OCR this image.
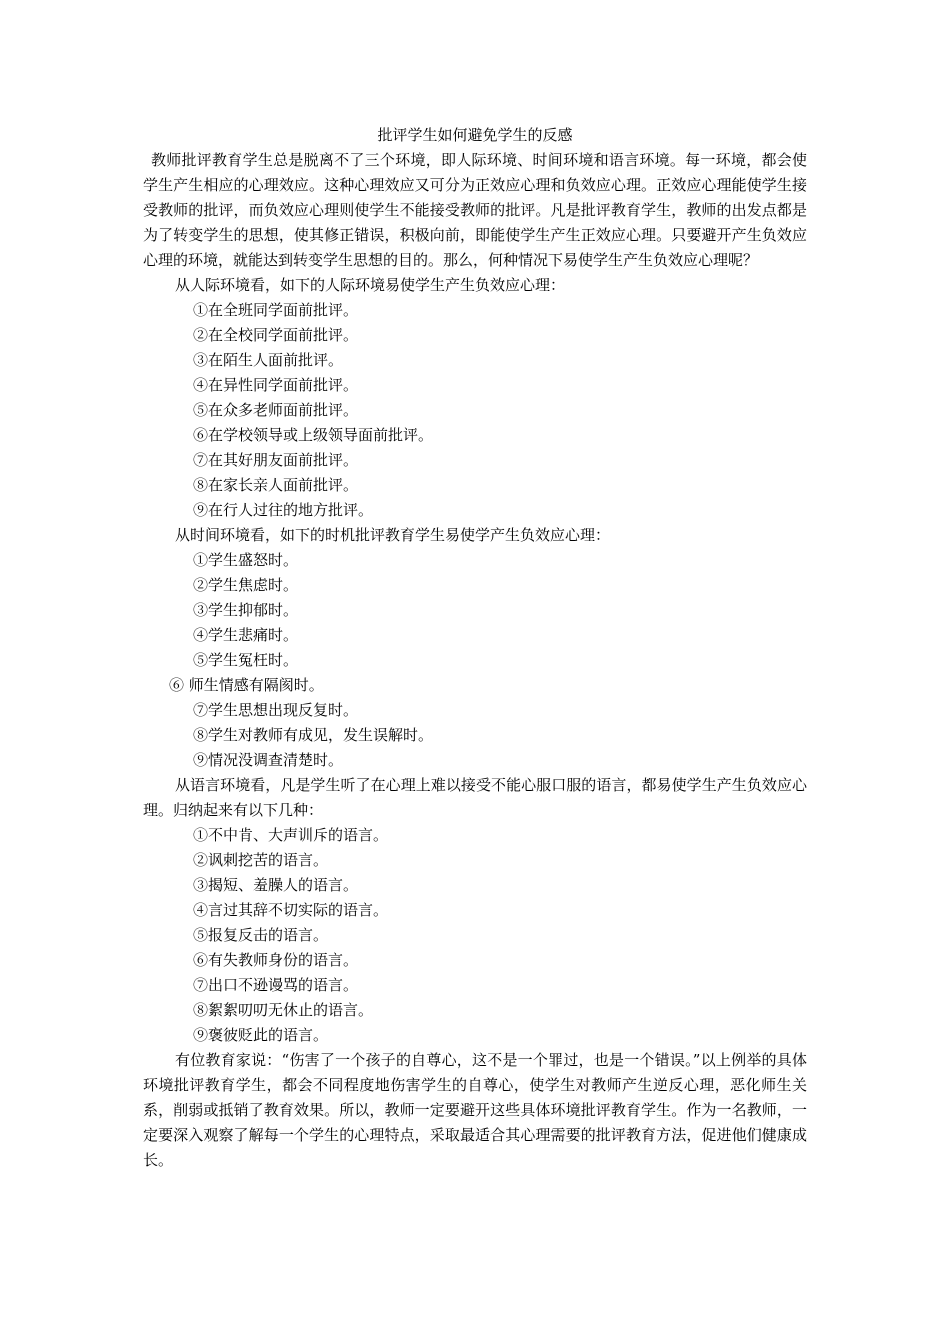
批评学生如何避免学生的反感

教师批评教育学生总是脱离不了三个环境，即人际环境、时间环境和语言环境。每一环境，都会使学生产生相应的心理效应。这种心理效应又可分为正效应心理和负效应心理。正效应心理能使学生接受教师的批评，而负效应心理则使学生不能接受教师的批评。凡是批评教育学生，教师的出发点都是为了转变学生的思想，使其修正错误，积极向前，即能使学生产生正效应心理。只要避开产生负效应心理的环境，就能达到转变学生思想的目的。那么，何种情况下易使学生产生负效应心理呢？

从人际环境看，如下的人际环境易使学生产生负效应心理：

①在全班同学面前批评。

②在全校同学面前批评。

③在陌生人面前批评。

④在异性同学面前批评。

⑤在众多老师面前批评。

⑥在学校领导或上级领导面前批评。

⑦在其好朋友面前批评。

⑧在家长亲人面前批评。

⑨在行人过往的地方批评。

从时间环境看，如下的时机批评教育学生易使学产生负效应心理：

①学生盛怒时。

②学生焦虑时。

③学生抑郁时。

④学生悲痛时。

⑤学生冤枉时。

⑥ 师生情感有隔阂时。

⑦学生思想出现反复时。

⑧学生对教师有成见，发生误解时。

⑨情况没调查清楚时。

从语言环境看，凡是学生听了在心理上难以接受不能心服口服的语言，都易使学生产生负效应心理。归纳起来有以下几种：

①不中肯、大声训斥的语言。

②讽刺挖苦的语言。

③揭短、羞臊人的语言。

④言过其辞不切实际的语言。

⑤报复反击的语言。

⑥有失教师身份的语言。

⑦出口不逊谩骂的语言。

⑧絮絮叨叨无休止的语言。

⑨褒彼贬此的语言。

有位教育家说：“伤害了一个孩子的自尊心，这不是一个罪过，也是一个错误。”以上例举的具体环境批评教育学生，都会不同程度地伤害学生的自尊心，使学生对教师产生逆反心理，恶化师生关系，削弱或抵销了教育效果。所以，教师一定要避开这些具体环境批评教育学生。作为一名教师，一定要深入观察了解每一个学生的心理特点，采取最适合其心理需要的批评教育方法，促进他们健康成长。
